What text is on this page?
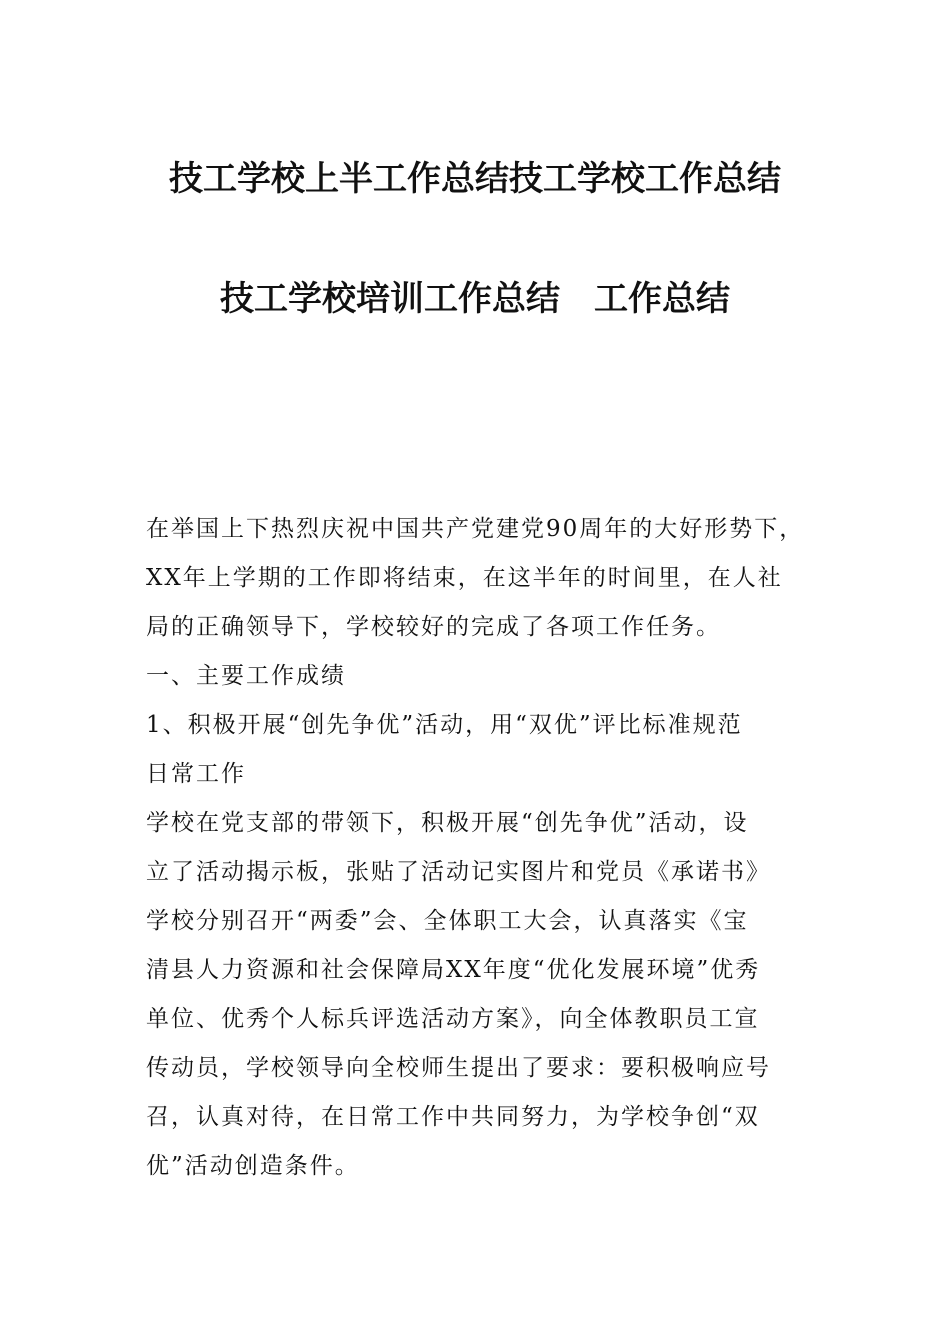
技工学校上半工作总结技工学校工作总结
技工学校培训工作总结　工作总结
在举国上下热烈庆祝中国共产党建党90周年的大好形势下，
XX年上学期的工作即将结束，在这半年的时间里，在人社
局的正确领导下，学校较好的完成了各项工作任务。
一、主要工作成绩
1、积极开展“创先争优”活动，用“双优”评比标准规范
日常工作
学校在党支部的带领下，积极开展“创先争优”活动，设
立了活动揭示板，张贴了活动记实图片和党员《承诺书》
学校分别召开“两委”会、全体职工大会，认真落实《宝
清县人力资源和社会保障局XX年度“优化发展环境”优秀
单位、优秀个人标兵评选活动方案》，向全体教职员工宣
传动员，学校领导向全校师生提出了要求：要积极响应号
召，认真对待，在日常工作中共同努力，为学校争创“双
优”活动创造条件。
